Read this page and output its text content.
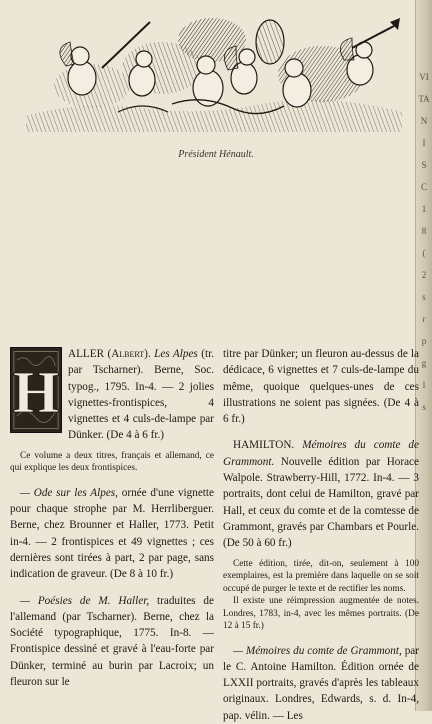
VI
TA
N
I
S
C
1
8
(
2
s
r
p
g
l
s
Président Hénault.
H

ALLER (Albert). Les Alpes (tr. par Tscharner). Berne, Soc. typog., 1795. In-4. — 2 jolies vignettes-frontispices, 4 vignettes et 4 culs-de-lampe par Dünker. (De 4 à 6 fr.)

Ce volume a deux titres, français et allemand, ce qui explique les deux frontispices.

— Ode sur les Alpes, ornée d'une vignette pour chaque strophe par M. Herrliberguer. Berne, chez Brounner et Haller, 1773. Petit in-4. — 2 frontispices et 49 vignettes ; ces dernières sont tirées à part, 2 par page, sans indication de graveur. (De 8 à 10 fr.)

— Poésies de M. Haller, traduites de l'allemand (par Tscharner). Berne, chez la Société typographique, 1775. In-8. — Frontispice dessiné et gravé à l'eau-forte par Dünker, terminé au burin par Lacroix; un fleuron sur le

titre par Dünker; un fleuron au-dessus de la dédicace, 6 vignettes et 7 culs-de-lampe du même, quoique quelques-unes de ces illustrations ne soient pas signées. (De 4 à 6 fr.)

HAMILTON. Mémoires du comte de Grammont. Nouvelle édition par Horace Walpole. Strawberry-Hill, 1772. In-4. — 3 portraits, dont celui de Hamilton, gravé par Hall, et ceux du comte et de la comtesse de Grammont, gravés par Chambars et Pourle. (De 50 à 60 fr.)

Cette édition, tirée, dit-on, seulement à 100 exemplaires, est la première dans laquelle on se soit occupé de purger le texte et de rectifier les noms.

Il existe une réimpression augmentée de notes. Londres, 1783, in-4, avec les mêmes portraits. (De 12 à 15 fr.)

— Mémoires du comte de Grammont, par le C. Antoine Hamilton. Édition ornée de LXXII portraits, gravés d'après les tableaux originaux. Londres, Edwards, s. d. In-4, pap. vélin. — Les
